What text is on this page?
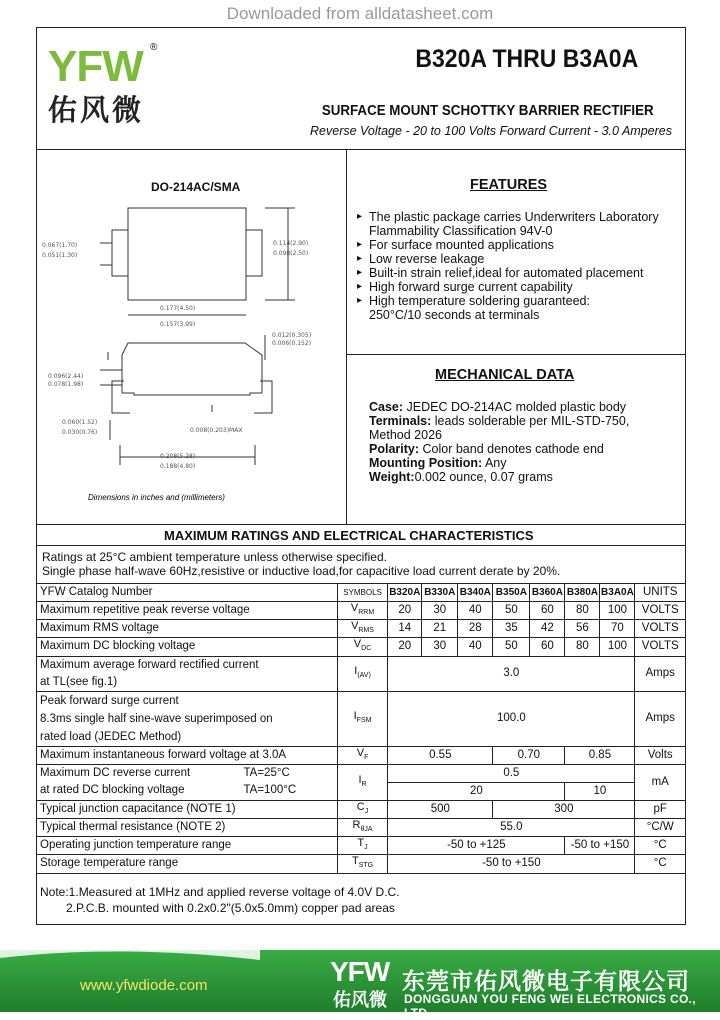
Downloaded from alldatasheet.com
YFW
佑风微
®	B320A THRU B3A0A
SURFACE MOUNT SCHOTTKY BARRIER RECTIFIER
Reverse Voltage - 20 to 100 Volts Forward Current - 3.0 Amperes
DO-214AC/SMA
0.067(1.70)
0.051(1.30)
0.114(2.90)
0.098(2.50)
0.177(4.50)
0.157(3.99)
0.012(0.305)
0.006(0.152)
0.096(2.44)
0.078(1.98)
0.060(1.52)
0.030(0.76)	0.008(0.203)MAX
0.208(5.28)
0.188(4.80)
Dimensions in inches and (millimeters)
FEATURES
▸ The plastic package carries Underwriters Laboratory Flammability Classification 94V-0
▸ For surface mounted applications
▸ Low reverse leakage
▸ Built-in strain relief,ideal for automated placement
▸ High forward surge current capability
▸ High temperature soldering guaranteed: 250°C/10 seconds at terminals
MECHANICAL DATA
Case: JEDEC DO-214AC molded plastic body
Terminals: leads solderable per MIL-STD-750, Method 2026
Polarity: Color band denotes cathode end
Mounting Position: Any
Weight:0.002 ounce, 0.07 grams
MAXIMUM RATINGS AND ELECTRICAL CHARACTERISTICS
Ratings at 25°C ambient temperature unless otherwise specified.
Single phase half-wave 60Hz,resistive or inductive load,for capacitive load current derate by 20%.
YFW Catalog Number	SYMBOLS	B320A	B330A	B340A	B350A	B360A	B380A	B3A0A	UNITS
Maximum repetitive peak reverse voltage	$V_{RRM}$	20	30	40	50	60	80	100	VOLTS
Maximum RMS voltage	$V_{RMS}$	14	21	28	35	42	56	70	VOLTS
Maximum DC blocking voltage	$V_{DC}$	20	30	40	50	60	80	100	VOLTS
Maximum average forward rectified current
at TL(see fig.1)	$I_{(AV)}$	3.0							Amps
Peak forward surge current
8.3ms single half sine-wave superimposed on
rated load (JEDEC Method)	$I_{FSM}$	100.0							Amps
Maximum instantaneous forward voltage at 3.0A	$V_F$	0.55			0.70		0.85		Volts
Maximum DC reverse current TA=25°C

at rated DC blocking voltage TA=100°C	$I_R$	0.5							mA
		20					10		
Typical junction capacitance (NOTE 1)	$C_J$	500			300				pF
Typical thermal resistance (NOTE 2)	$R_{\theta JA}$	55.0							°C/W
Operating junction temperature range	$T_J$	-50 to +125					-50 to +150		°C
Storage temperature range	$T_{STG}$	-50 to +150							°C
Note:1.Measured at 1MHz and applied reverse voltage of 4.0V D.C.
2.P.C.B. mounted with 0.2x0.2"(5.0x5.0mm) copper pad areas
www.yfwdiode.com	YFW
佑风微
东莞市佑风微电子有限公司
DONGGUAN YOU FENG WEI ELECTRONICS CO., LTD
